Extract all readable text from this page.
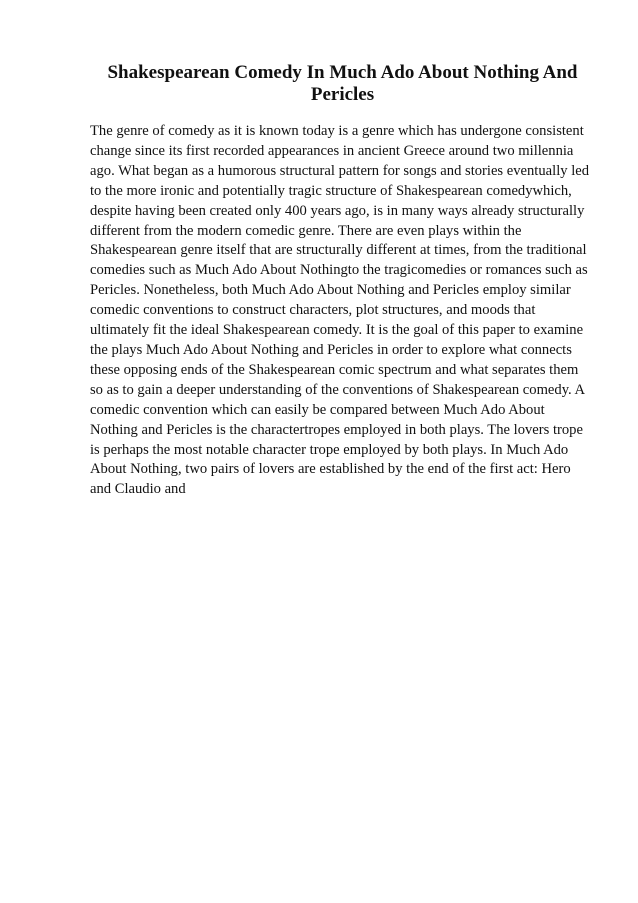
Shakespearean Comedy In Much Ado About Nothing And Pericles
The genre of comedy as it is known today is a genre which has undergone consistent
change since its first recorded appearances in ancient Greece around two millennia
ago. What began as a humorous structural pattern for songs and stories eventually led
to the more ironic and potentially tragic structure of Shakespearean comedywhich,
despite having been created only 400 years ago, is in many ways already structurally
different from the modern comedic genre. There are even plays within the
Shakespearean genre itself that are structurally different at times, from the traditional
comedies such as Much Ado About Nothingto the tragicomedies or romances such as
Pericles. Nonetheless, both Much Ado About Nothing and Pericles employ similar
comedic conventions to construct characters, plot structures, and moods that
ultimately fit the ideal Shakespearean comedy. It is the goal of this paper to examine
the plays Much Ado About Nothing and Pericles in order to explore what connects
these opposing ends of the Shakespearean comic spectrum and what separates them
so as to gain a deeper understanding of the conventions of Shakespearean comedy. A
comedic convention which can easily be compared between Much Ado About
Nothing and Pericles is the charactertropes employed in both plays. The lovers trope
is perhaps the most notable character trope employed by both plays. In Much Ado
About Nothing, two pairs of lovers are established by the end of the first act: Hero
and Claudio and
